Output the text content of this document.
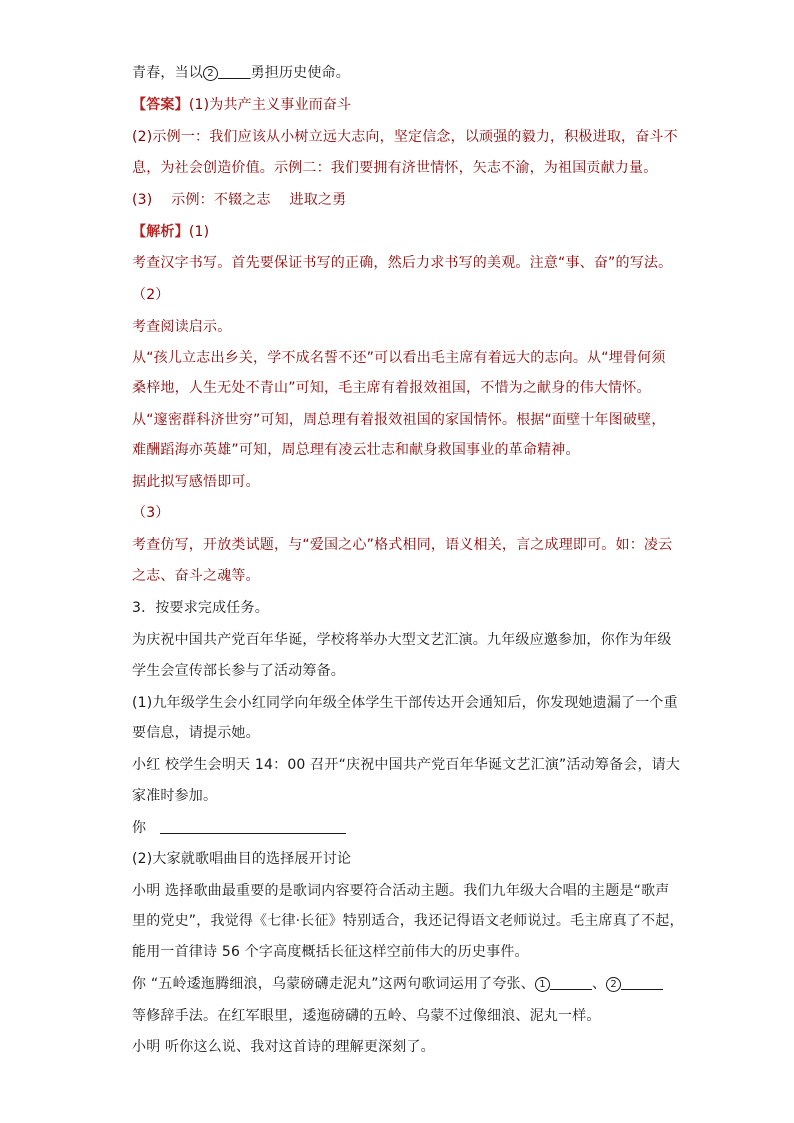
青春，当以 2	勇担历史使命。
【答案】(1)为共产主义事业而奋斗
(2)示例一：我们应该从小树立远大志向，坚定信念，以顽强的毅力，积极进取，奋斗不
息，为社会创造价值。示例二：我们要拥有济世情怀，矢志不渝，为祖国贡献力量。
(3)　 示例：不辍之志　 进取之勇
【解析】(1)
考查汉字书写。首先要保证书写的正确，然后力求书写的美观。注意“事、奋”的写法。
（2）
考查阅读启示。
从“孩儿立志出乡关，学不成名誓不还”可以看出毛主席有着远大的志向。从“埋骨何须
桑梓地，人生无处不青山”可知，毛主席有着报效祖国，不惜为之献身的伟大情怀。
从“邃密群科济世穷”可知，周总理有着报效祖国的家国情怀。根据“面壁十年图破壁，
难酬蹈海亦英雄”可知，周总理有凌云壮志和献身救国事业的革命精神。
据此拟写感悟即可。
（3）
考查仿写，开放类试题，与“爱国之心”格式相同，语义相关，言之成理即可。如：凌云
之志、奋斗之魂等。
3．按要求完成任务。
为庆祝中国共产党百年华诞，学校将举办大型文艺汇演。九年级应邀参加，你作为年级
学生会宣传部长参与了活动筹备。
(1)九年级学生会小红同学向年级全体学生干部传达开会通知后，你发现她遗漏了一个重
要信息，请提示她。
小红 校学生会明天 14：00 召开“庆祝中国共产党百年华诞文艺汇演”活动筹备会，请大
家准时参加。
你
(2)大家就歌唱曲目的选择展开讨论
小明 选择歌曲最重要的是歌词内容要符合活动主题。我们九年级大合唱的主题是“歌声
里的党史”，我觉得《七律·长征》特别适合，我还记得语文老师说过。毛主席真了不起，
能用一首律诗 56 个字高度概括长征这样空前伟大的历史事件。
你 “五岭逶迤腾细浪，乌蒙磅礴走泥丸”这两句歌词运用了夸张、 1	、 2
等修辞手法。在红军眼里，逶迤磅礴的五岭、乌蒙不过像细浪、泥丸一样。
小明 听你这么说、我对这首诗的理解更深刻了。
